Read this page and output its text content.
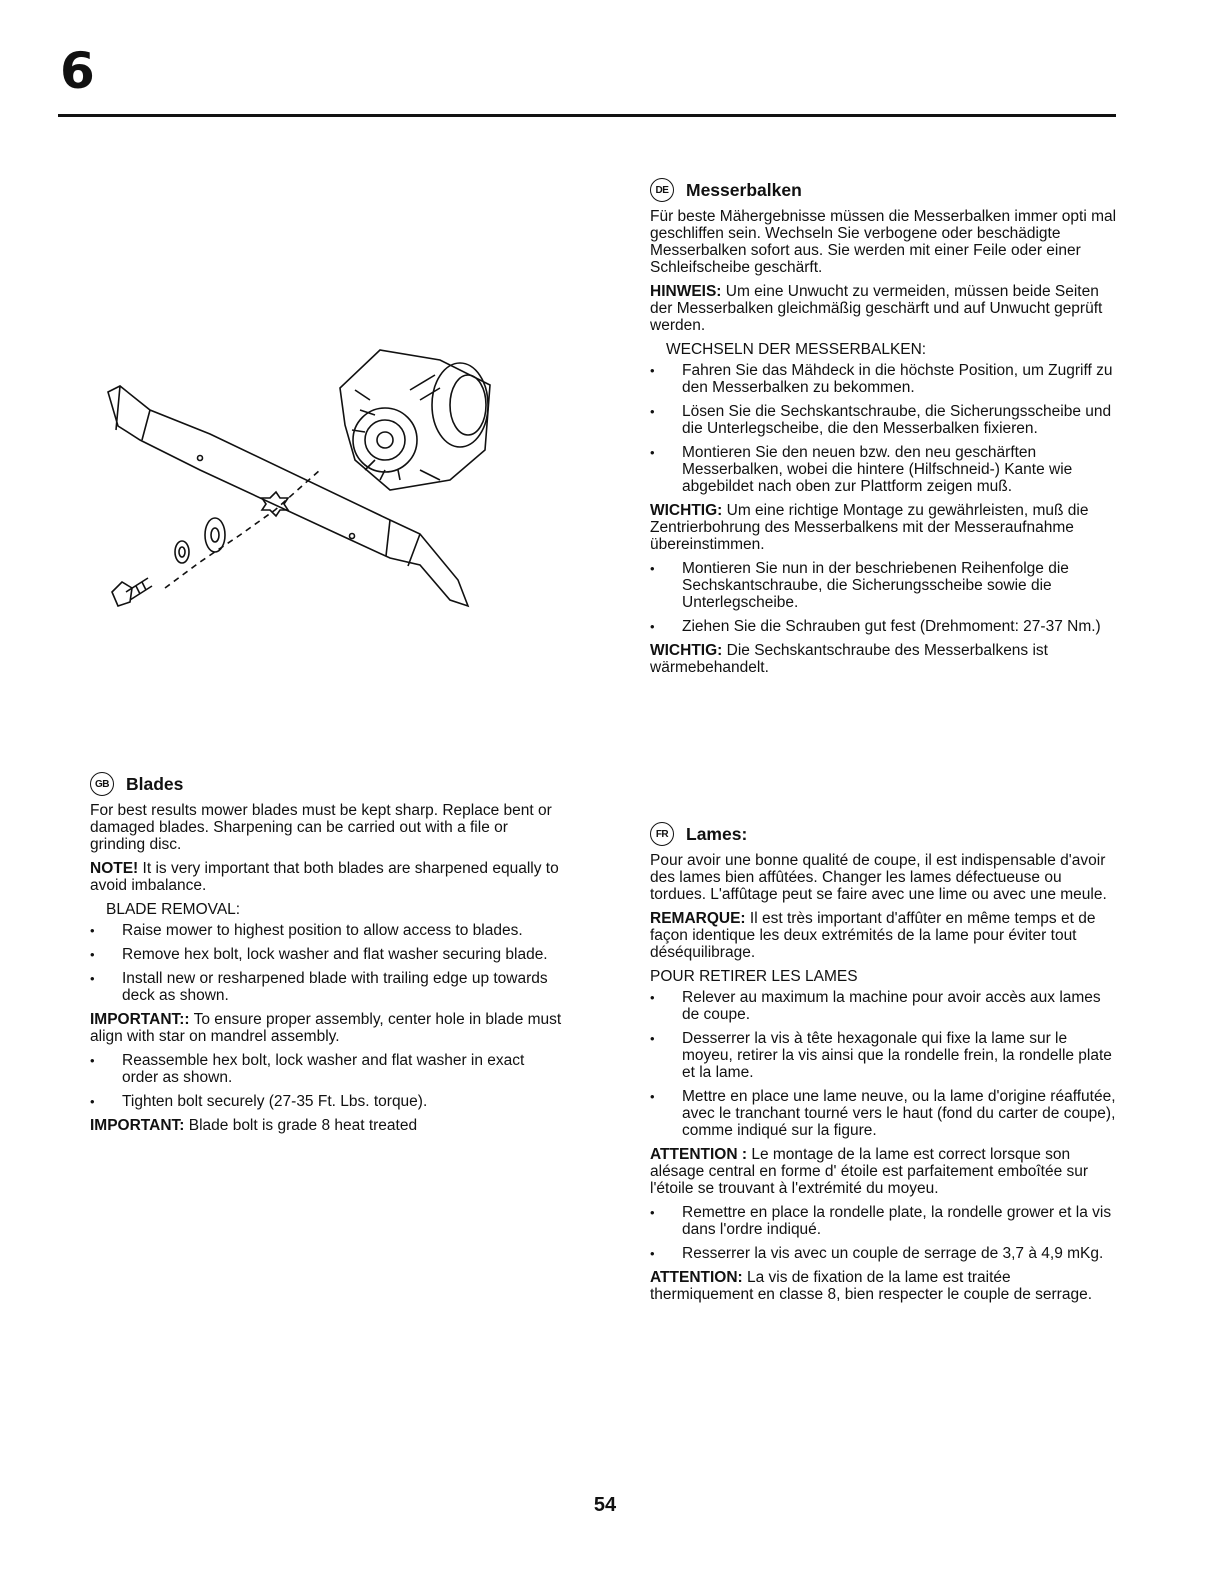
6
GB Blades

For best results mower blades must be kept sharp. Replace bent or damaged blades. Sharpening can be carried out with a file or grinding disc.

NOTE! It is very important that both blades are sharpened equally to avoid imbalance.

BLADE REMOVAL:

• Raise mower to highest position to allow access to blades.
• Remove hex bolt, lock washer and flat washer securing blade.
• Install new or resharpened blade with trailing edge up towards deck as shown.

IMPORTANT:: To ensure proper assembly, center hole in blade must align with star on mandrel assembly.

• Reassemble hex bolt, lock washer and flat washer in exact order as shown.
• Tighten bolt securely (27-35 Ft. Lbs. torque).

IMPORTANT: Blade bolt is grade 8 heat treated

DE	Messerbalken

Für beste Mähergebnisse müssen die Messerbalken immer opti mal geschliffen sein. Wechseln Sie verbogene oder beschädigte Messerbalken sofort aus. Sie werden mit einer Feile oder einer Schleifscheibe geschärft.

HINWEIS: Um eine Unwucht zu vermeiden, müssen beide Seiten der Messerbalken gleichmäßig geschärft und auf Unwucht geprüft werden.

WECHSELN DER MESSERBALKEN:

• Fahren Sie das Mähdeck in die höchste Position, um Zugriff zu den Messerbalken zu bekommen.
• Lösen Sie die Sechskantschraube, die Sicherungsscheibe und die Unterlegscheibe, die den Messerbalken fixieren.
• Montieren Sie den neuen bzw. den neu geschärften Messerbalken, wobei die hintere (Hilfschneid-) Kante wie abgebildet nach oben zur Plattform zeigen muß.

WICHTIG: Um eine richtige Montage zu gewährleisten, muß die Zentrierbohrung des Messerbalkens mit der Messeraufnahme übereinstimmen.

• Montieren Sie nun in der beschriebenen Reihenfolge die Sechskantschraube, die Sicherungsscheibe sowie die Unterlegscheibe.
• Ziehen Sie die Schrauben gut fest (Drehmoment: 27-37 Nm.)

WICHTIG: Die Sechskantschraube des Messerbalkens ist wärmebehandelt.

FR	Lames:

Pour avoir une bonne qualité de coupe, il est indispensable d'avoir des lames bien affûtées. Changer les lames défectueuse ou tordues. L'affûtage peut se faire avec une lime ou avec une meule.

REMARQUE: Il est très important d'affûter en même temps et de façon identique les deux extrémités de la lame pour éviter tout déséquilibrage.

POUR RETIRER LES LAMES

• Relever au maximum la machine pour avoir accès aux lames de coupe.
• Desserrer la vis à tête hexagonale qui fixe la lame sur le moyeu, retirer la vis ainsi que la rondelle frein, la rondelle plate et la lame.
• Mettre en place une lame neuve, ou la lame d'origine réaffutée, avec le tranchant tourné vers le haut (fond du carter de coupe), comme indiqué sur la figure.

ATTENTION : Le montage de la lame est correct lorsque son alésage central en forme d' étoile est parfaitement emboîtée sur l'étoile se trouvant à l'extrémité du moyeu.

• Remettre en place la rondelle plate, la rondelle grower et la vis dans l'ordre indiqué.
• Resserrer la vis avec un couple de serrage de 3,7 à 4,9 mKg.

ATTENTION: La vis de fixation de la lame est traitée thermiquement en classe 8, bien respecter le couple de serrage.

54
